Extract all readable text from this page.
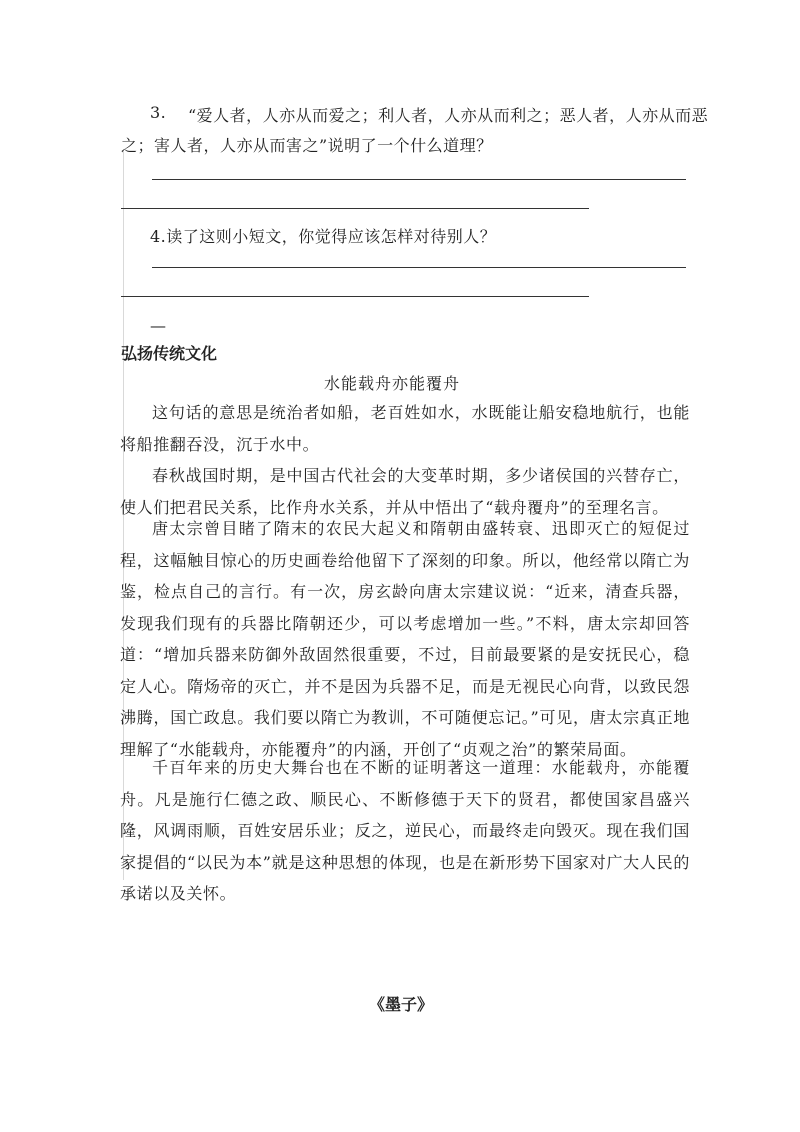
3. “爱人者，人亦从而爱之；利人者，人亦从而利之；恶人者，人亦从而恶
之；害人者，人亦从而害之”说明了一个什么道理？
4.读了这则小短文，你觉得应该怎样对待别人？
—
弘扬传统文化
水能载舟亦能覆舟

这句话的意思是统治者如船，老百姓如水，水既能让船安稳地航行，也能将船推翻吞没，沉于水中。

春秋战国时期，是中国古代社会的大变革时期，多少诸侯国的兴替存亡，使人们把君民关系，比作舟水关系，并从中悟出了“载舟覆舟”的至理名言。

唐太宗曾目睹了隋末的农民大起义和隋朝由盛转衰、迅即灭亡的短促过程，这幅触目惊心的历史画卷给他留下了深刻的印象。所以，他经常以隋亡为鉴，检点自己的言行。有一次，房玄龄向唐太宗建议说：“近来，清查兵器，发现我们现有的兵器比隋朝还少，可以考虑增加一些。”不料，唐太宗却回答道：“增加兵器来防御外敌固然很重要，不过，目前最要紧的是安抚民心，稳定人心。隋炀帝的灭亡，并不是因为兵器不足，而是无视民心向背，以致民怨沸腾，国亡政息。我们要以隋亡为教训，不可随便忘记。”可见，唐太宗真正地理解了“水能载舟，亦能覆舟”的内涵，开创了“贞观之治”的繁荣局面。

千百年来的历史大舞台也在不断的证明著这一道理：水能载舟，亦能覆舟。凡是施行仁德之政、顺民心、不断修德于天下的贤君，都使国家昌盛兴隆，风调雨顺，百姓安居乐业；反之，逆民心，而最终走向毁灭。现在我们国家提倡的“以民为本”就是这种思想的体现，也是在新形势下国家对广大人民的承诺以及关怀。

《墨子》
